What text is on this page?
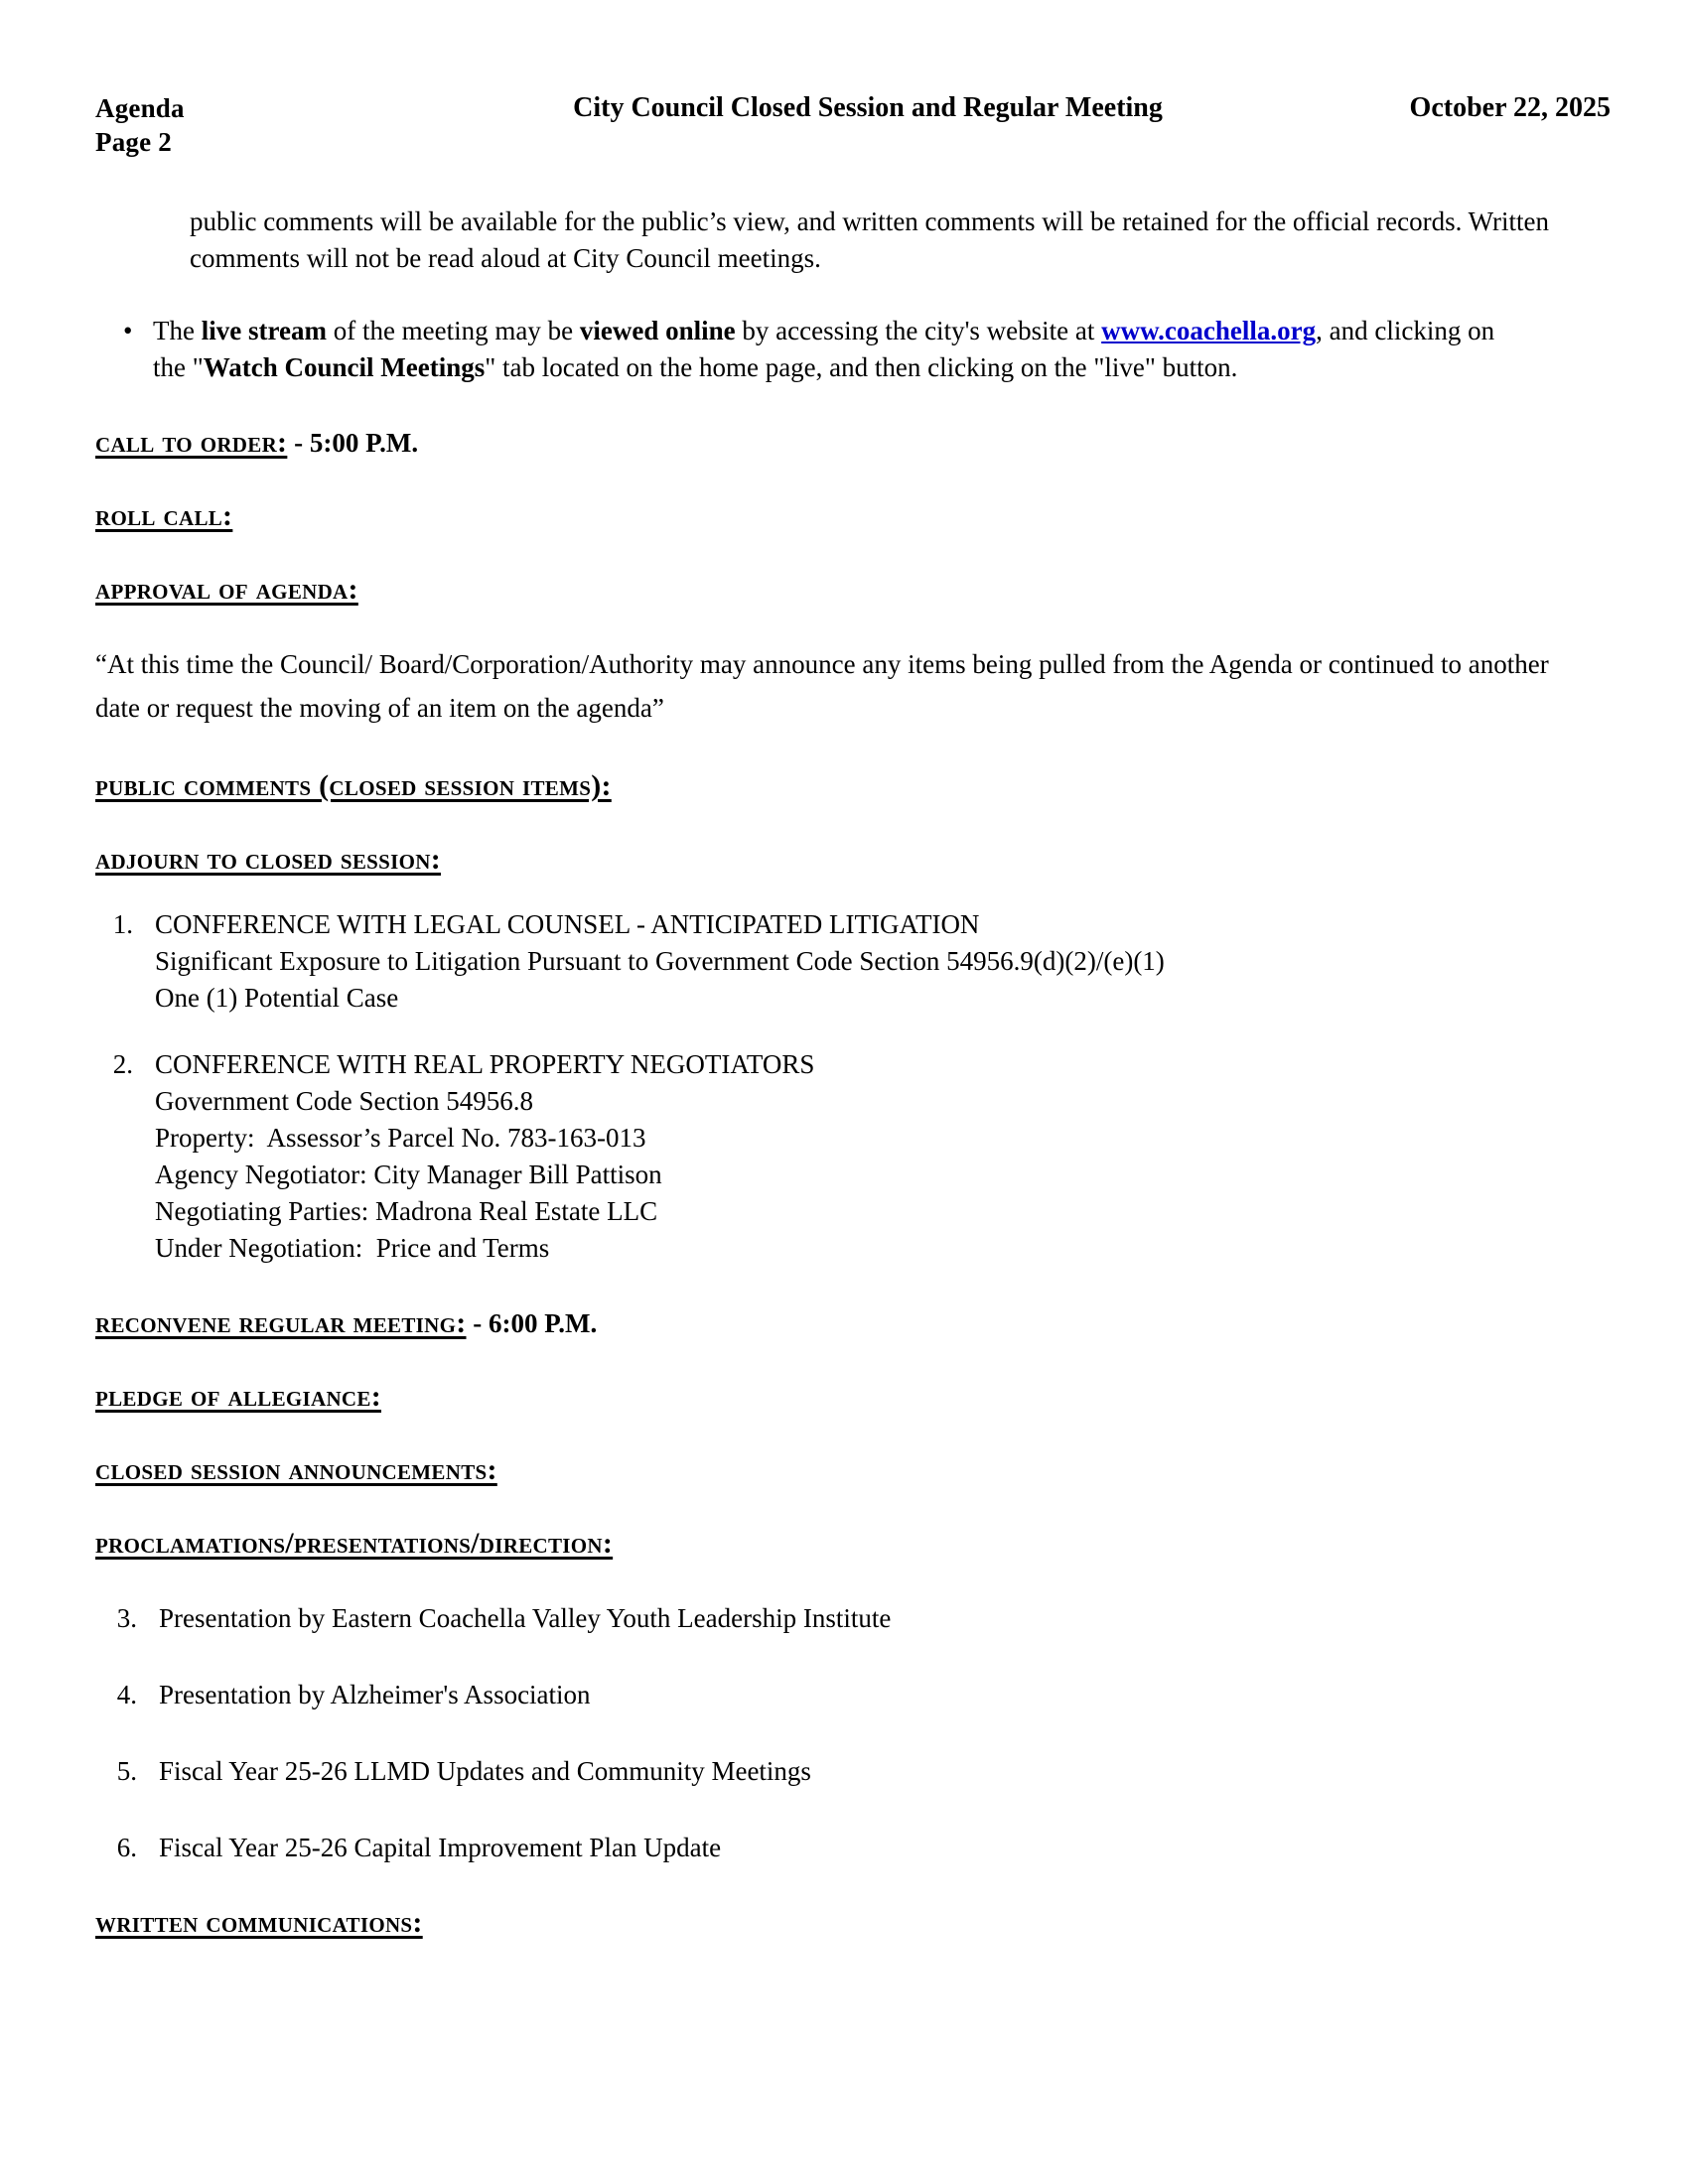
Agenda
Page 2
City Council Closed Session and Regular Meeting	October 22, 2025

public comments will be available for the public’s view, and written comments will be retained for the official records. Written comments will not be read aloud at City Council meetings.

• The live stream of the meeting may be viewed online by accessing the city's website at www.coachella.org, and clicking on the "Watch Council Meetings" tab located on the home page, and then clicking on the "live" button.
call to order: - 5:00 P.M.
roll call:
approval of agenda:

“At this time the Council/ Board/Corporation/Authority may announce any items being pulled from the Agenda or continued to another date or request the moving of an item on the agenda”

public comments (closed session items):
adjourn to closed session:
1. CONFERENCE WITH LEGAL COUNSEL - ANTICIPATED LITIGATION
Significant Exposure to Litigation Pursuant to Government Code Section 54956.9(d)(2)/(e)(1)
One (1) Potential Case
2. CONFERENCE WITH REAL PROPERTY NEGOTIATORS
Government Code Section 54956.8
Property:  Assessor’s Parcel No. 783-163-013
Agency Negotiator: City Manager Bill Pattison
Negotiating Parties: Madrona Real Estate LLC
Under Negotiation:  Price and Terms
reconvene regular meeting: - 6:00 P.M.
pledge of allegiance:
closed session announcements:
proclamations/presentations/direction:
3. Presentation by Eastern Coachella Valley Youth Leadership Institute
4. Presentation by Alzheimer's Association
5. Fiscal Year 25-26 LLMD Updates and Community Meetings
6. Fiscal Year 25-26 Capital Improvement Plan Update
written communications:
